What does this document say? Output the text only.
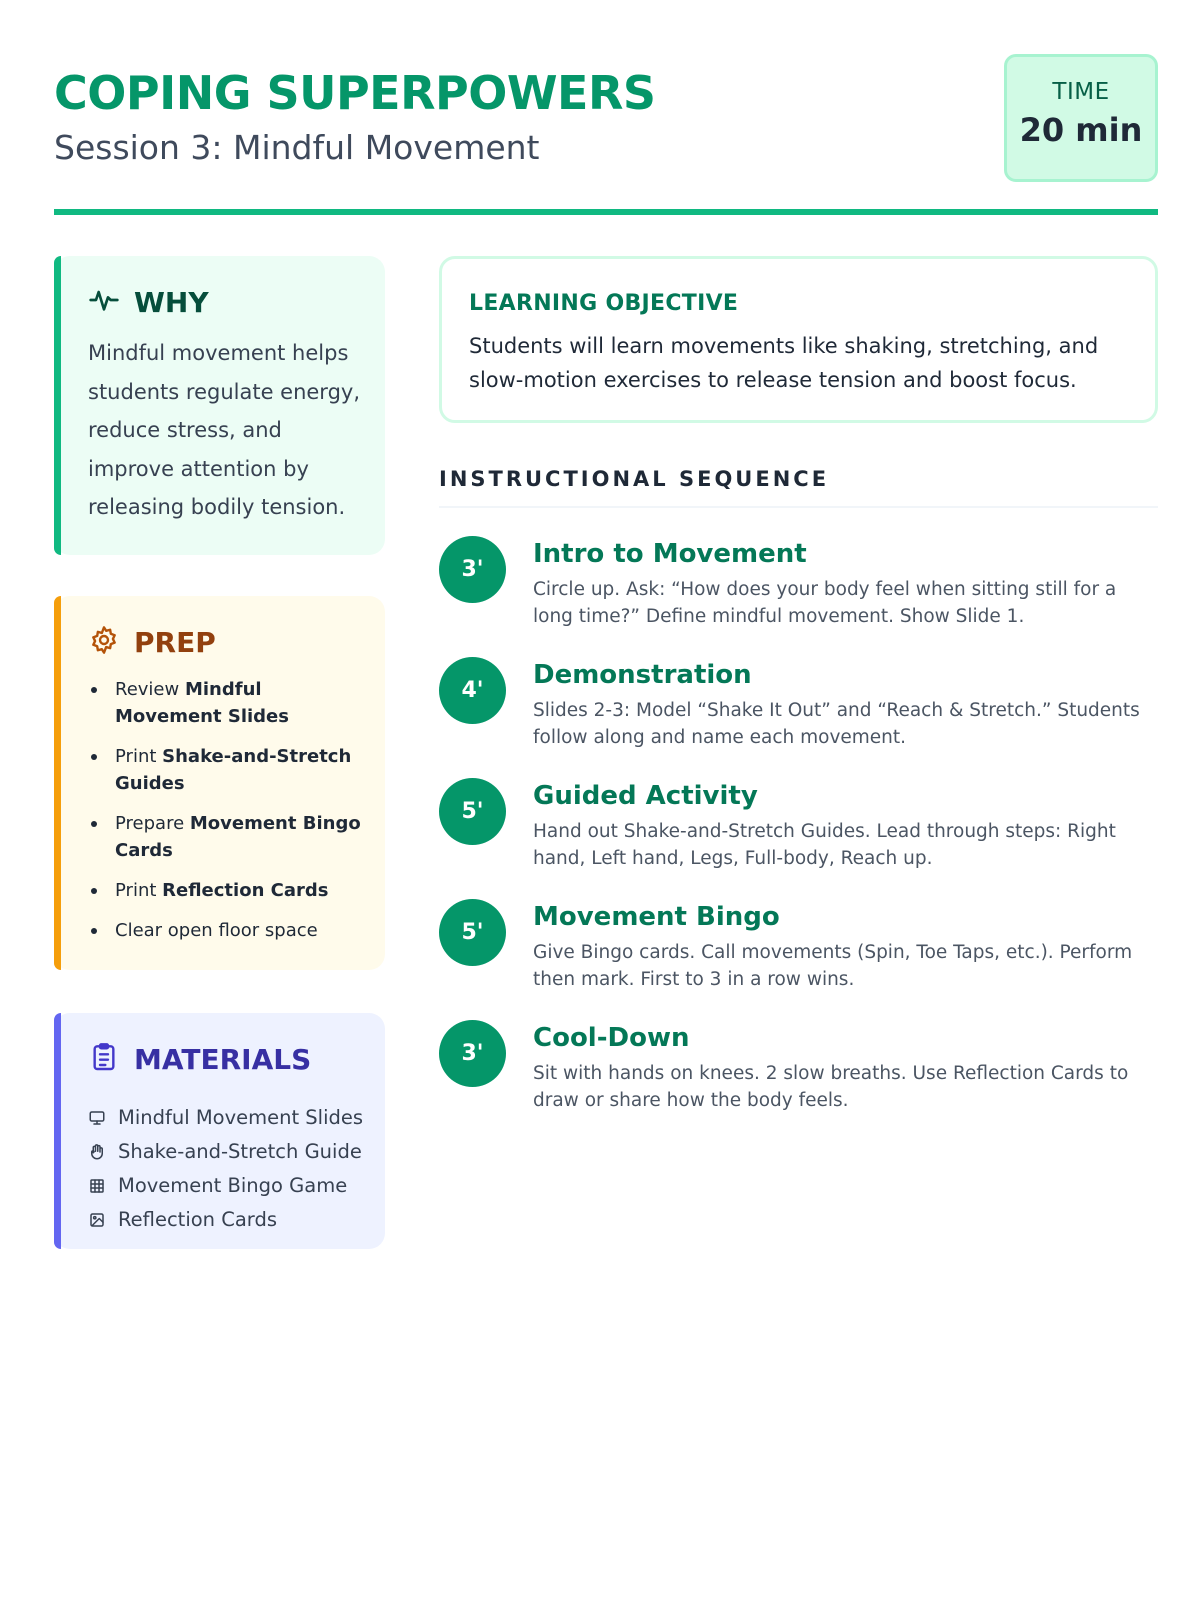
COPING SUPERPOWERS
Session 3: Mindful Movement
TIME
20 min
WHY

Mindful movement helps students regulate energy, reduce stress, and improve attention by releasing bodily tension.

PREP
Review Mindful Movement Slides
Print Shake-and-Stretch Guides
Prepare Movement Bingo Cards
Print Reflection Cards
Clear open floor space
MATERIALS
Mindful Movement Slides
Shake-and-Stretch Guide
Movement Bingo Game
Reflection Cards
LEARNING OBJECTIVE

Students will learn movements like shaking, stretching, and slow-motion exercises to release tension and boost focus.

INSTRUCTIONAL SEQUENCE
3'
Intro to Movement

Circle up. Ask: “How does your body feel when sitting still for a long time?” Define mindful movement. Show Slide 1.

4'
Demonstration

Slides 2-3: Model “Shake It Out” and “Reach & Stretch.” Students follow along and name each movement.

5'
Guided Activity

Hand out Shake-and-Stretch Guides. Lead through steps: Right hand, Left hand, Legs, Full-body, Reach up.

5'
Movement Bingo

Give Bingo cards. Call movements (Spin, Toe Taps, etc.). Perform then mark. First to 3 in a row wins.

3'
Cool-Down

Sit with hands on knees. 2 slow breaths. Use Reflection Cards to draw or share how the body feels.
